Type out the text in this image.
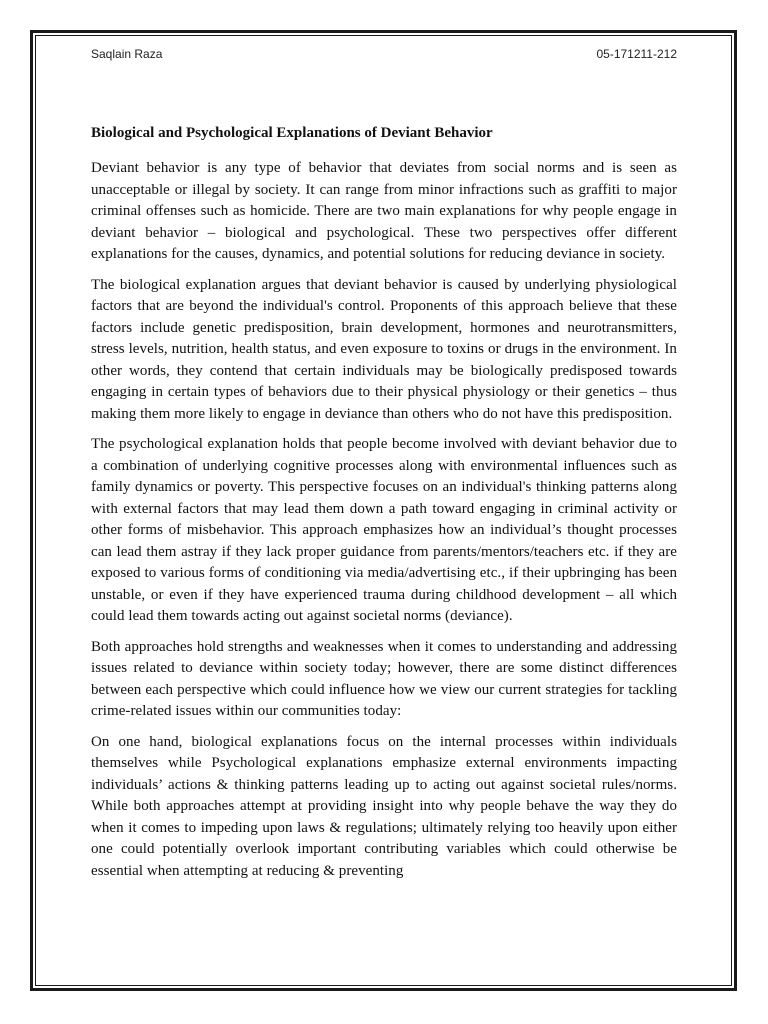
Saqlain Raza	05-171211-212
Biological and Psychological Explanations of Deviant Behavior

Deviant behavior is any type of behavior that deviates from social norms and is seen as unacceptable or illegal by society. It can range from minor infractions such as graffiti to major criminal offenses such as homicide. There are two main explanations for why people engage in deviant behavior – biological and psychological. These two perspectives offer different explanations for the causes, dynamics, and potential solutions for reducing deviance in society.

The biological explanation argues that deviant behavior is caused by underlying physiological factors that are beyond the individual's control. Proponents of this approach believe that these factors include genetic predisposition, brain development, hormones and neurotransmitters, stress levels, nutrition, health status, and even exposure to toxins or drugs in the environment. In other words, they contend that certain individuals may be biologically predisposed towards engaging in certain types of behaviors due to their physical physiology or their genetics – thus making them more likely to engage in deviance than others who do not have this predisposition.

The psychological explanation holds that people become involved with deviant behavior due to a combination of underlying cognitive processes along with environmental influences such as family dynamics or poverty. This perspective focuses on an individual's thinking patterns along with external factors that may lead them down a path toward engaging in criminal activity or other forms of misbehavior. This approach emphasizes how an individual’s thought processes can lead them astray if they lack proper guidance from parents/mentors/teachers etc. if they are exposed to various forms of conditioning via media/advertising etc., if their upbringing has been unstable, or even if they have experienced trauma during childhood development – all which could lead them towards acting out against societal norms (deviance).

Both approaches hold strengths and weaknesses when it comes to understanding and addressing issues related to deviance within society today; however, there are some distinct differences between each perspective which could influence how we view our current strategies for tackling crime-related issues within our communities today:

On one hand, biological explanations focus on the internal processes within individuals themselves while Psychological explanations emphasize external environments impacting individuals’ actions & thinking patterns leading up to acting out against societal rules/norms. While both approaches attempt at providing insight into why people behave the way they do when it comes to impeding upon laws & regulations; ultimately relying too heavily upon either one could potentially overlook important contributing variables which could otherwise be essential when attempting at reducing & preventing
